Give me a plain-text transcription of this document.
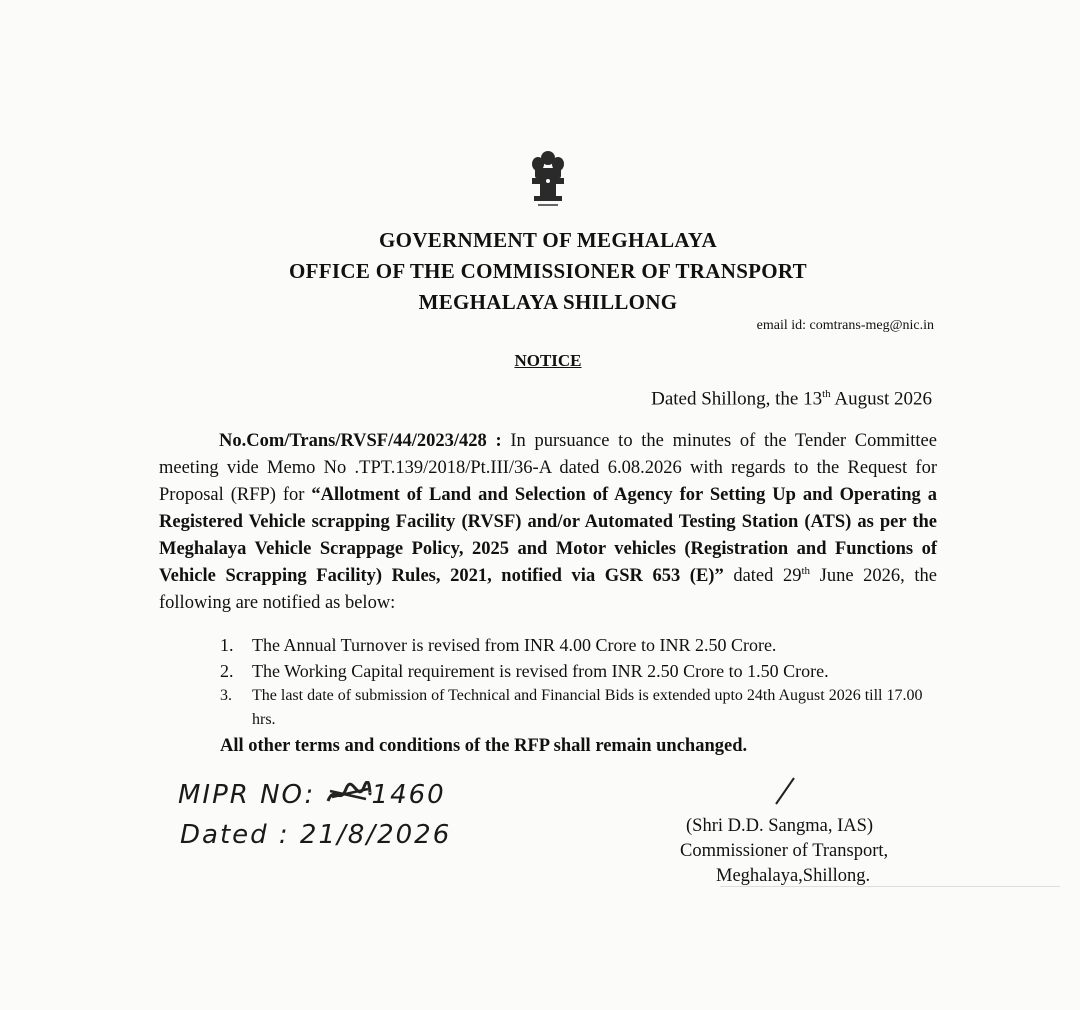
GOVERNMENT OF MEGHALAYA
OFFICE OF THE COMMISSIONER OF TRANSPORT
MEGHALAYA SHILLONG
email id: comtrans-meg@nic.in
NOTICE
Dated Shillong, the 13th August 2026
No.Com/Trans/RVSF/44/2023/428 : In pursuance to the minutes of the Tender Committee meeting vide Memo No .TPT.139/2018/Pt.III/36-A dated 6.08.2026 with regards to the Request for Proposal (RFP) for “Allotment of Land and Selection of Agency for Setting Up and Operating a Registered Vehicle scrapping Facility (RVSF) and/or Automated Testing Station (ATS) as per the Meghalaya Vehicle Scrappage Policy, 2025 and Motor vehicles (Registration and Functions of Vehicle Scrapping Facility) Rules, 2021, notified via GSR 653 (E)” dated 29th June 2026, the following are notified as below:
1. The Annual Turnover is revised from INR 4.00 Crore to INR 2.50 Crore.
2. The Working Capital requirement is revised from INR 2.50 Crore to 1.50 Crore.
3. The last date of submission of Technical and Financial Bids is extended upto 24th August 2026 till 17.00 hrs.
All other terms and conditions of the RFP shall remain unchanged.
MIPR NO: 1460
Dated : 21/8/2026	(Shri D.D. Sangma, IAS)
Commissioner of Transport,
Meghalaya,Shillong.
